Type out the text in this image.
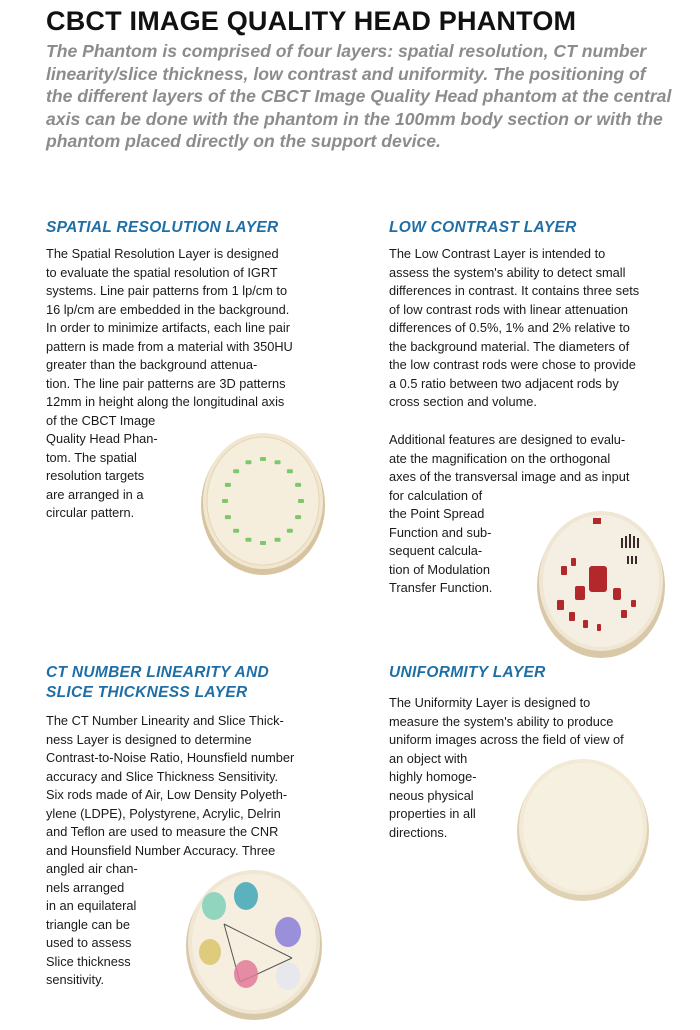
CBCT IMAGE QUALITY HEAD PHANTOM
The Phantom is comprised of four layers: spatial resolution, CT number linearity/slice thickness, low contrast and uniformity. The positioning of the different layers of the CBCT Image Quality Head phantom at the central axis can be done with the phantom in the 100mm body section or with the phantom placed directly on the support device.
SPATIAL RESOLUTION LAYER
The Spatial Resolution Layer is designed
to evaluate the spatial resolution of IGRT
systems. Line pair patterns from 1 lp/cm to
16 lp/cm are embedded in the background.
In order to minimize artifacts, each line pair
pattern is made from a material with 350HU
greater than the background attenua-
tion. The line pair patterns are 3D patterns
12mm in height along the longitudinal axis
of the CBCT Image
Quality Head Phan-
tom. The spatial
resolution targets
are arranged in a
circular pattern.
LOW CONTRAST LAYER
The Low Contrast Layer is intended to
assess the system's ability to detect small
differences in contrast. It contains three sets
of low contrast rods with linear attenuation
differences of 0.5%, 1% and 2% relative to
the background material. The diameters of
the low contrast rods were chose to provide
a 0.5 ratio between two adjacent rods by
cross section and volume.
Additional features are designed to evalu-
ate the magnification on the orthogonal
axes of the transversal image and as input
for calculation of
the Point Spread
Function and sub-
sequent calcula-
tion of Modulation
Transfer Function.
CT NUMBER LINEARITY AND
SLICE THICKNESS LAYER
The CT Number Linearity and Slice Thick-
ness Layer is designed to determine
Contrast-to-Noise Ratio, Hounsfield number
accuracy and Slice Thickness Sensitivity.
Six rods made of Air, Low Density Polyeth-
ylene (LDPE), Polystyrene, Acrylic, Delrin
and Teflon are used to measure the CNR
and Hounsfield Number Accuracy. Three
angled air chan-
nels arranged
in an equilateral
triangle can be
used to assess
Slice thickness
sensitivity.
UNIFORMITY LAYER
The Uniformity Layer is designed to
measure the system's ability to produce
uniform images across the field of view of
an object with
highly homoge-
neous physical
properties in all
directions.
